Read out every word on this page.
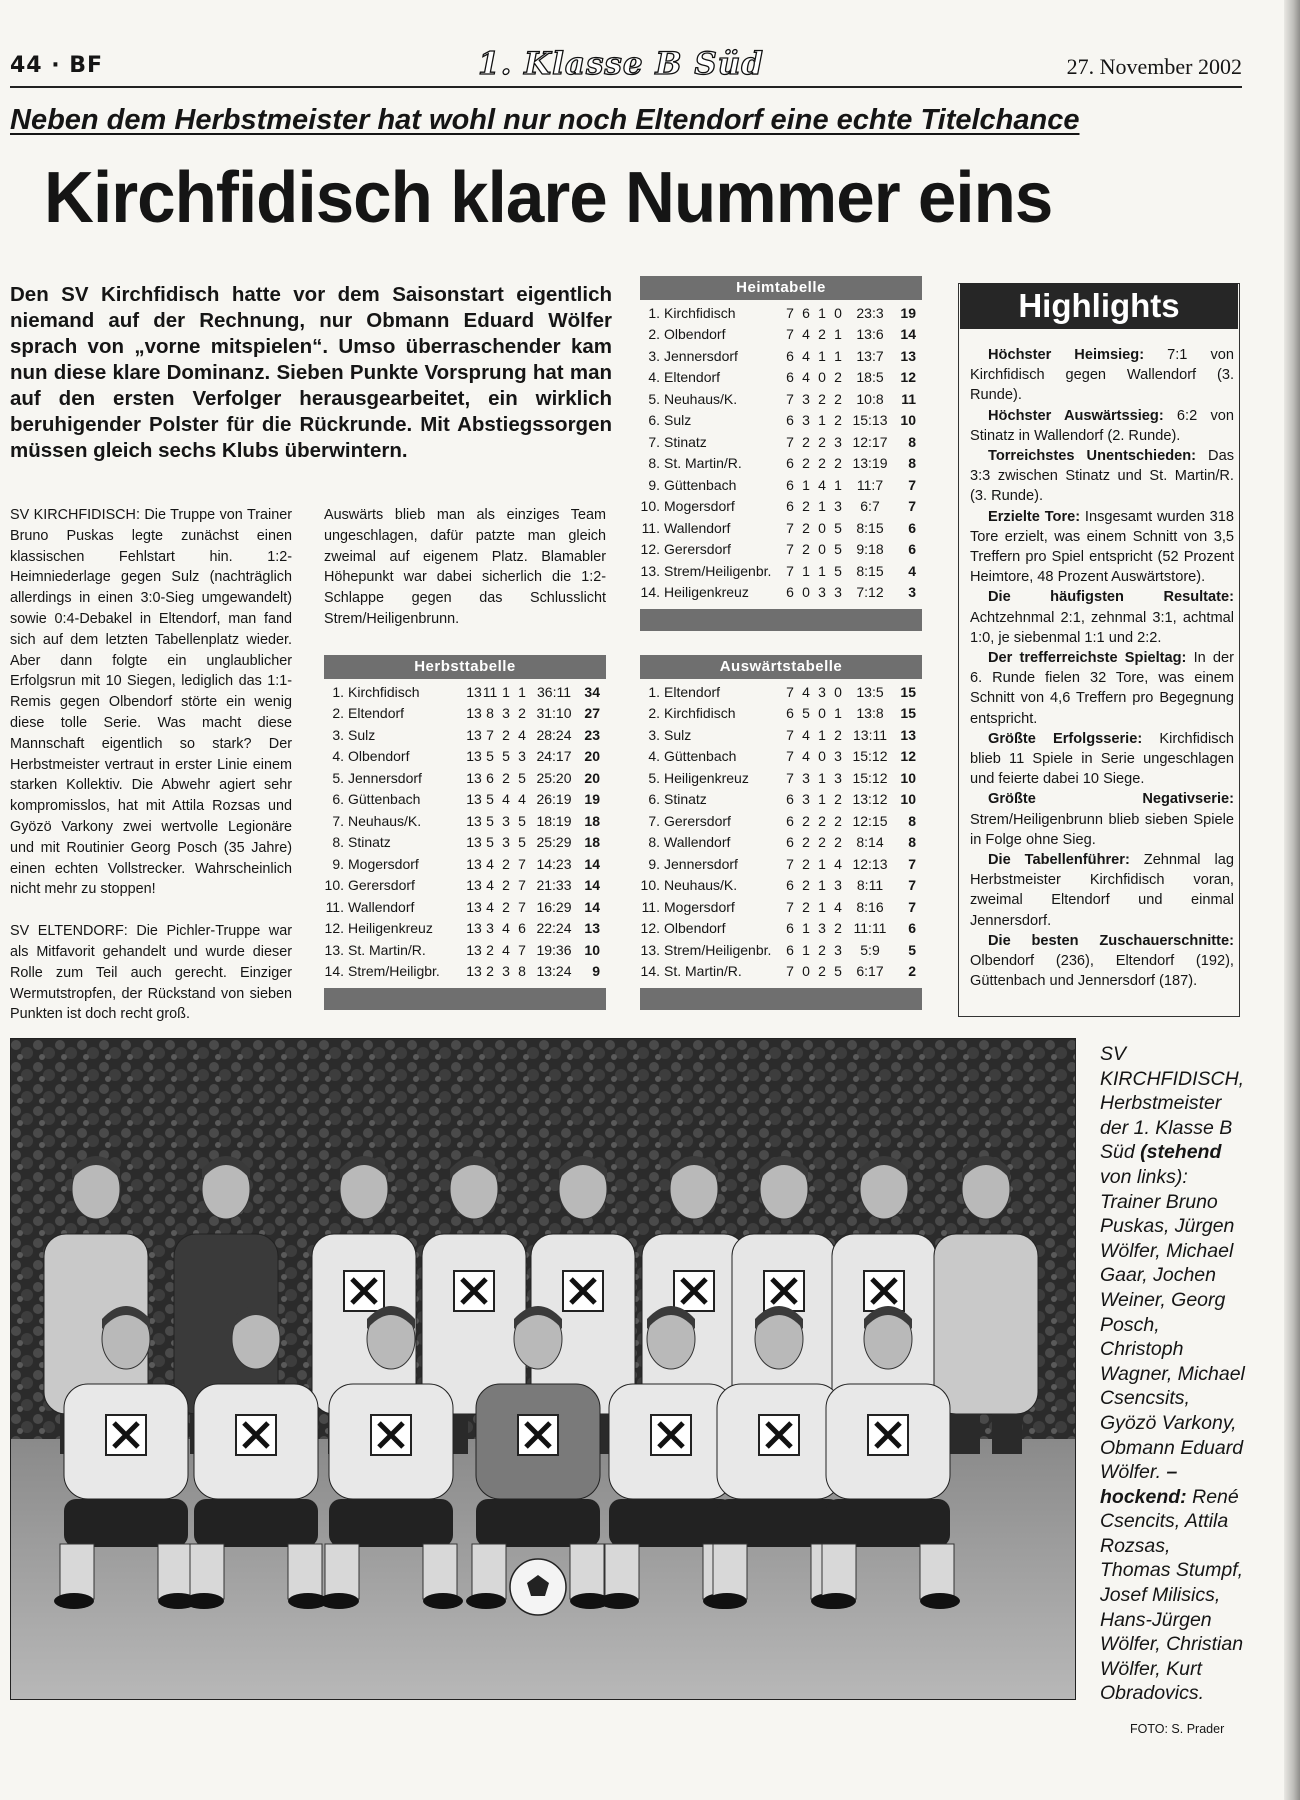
44 · BF	1. Klasse B Süd	27. November 2002
Neben dem Herbstmeister hat wohl nur noch Eltendorf eine echte Titelchance
Kirchfidisch klare Nummer eins
Den SV Kirchfidisch hatte vor dem Saisonstart eigentlich niemand auf der Rechnung, nur Obmann Eduard Wölfer sprach von „vorne mitspielen“. Umso überraschender kam nun diese klare Dominanz. Sieben Punkte Vorsprung hat man auf den ersten Verfolger herausgearbeitet, ein wirklich beruhigender Polster für die Rückrunde. Mit Abstiegssorgen müssen gleich sechs Klubs überwintern.

SV KIRCHFIDISCH: Die Truppe von Trainer Bruno Puskas legte zunächst einen klassischen Fehlstart hin. 1:2-Heimniederlage gegen Sulz (nachträglich allerdings in einen 3:0-Sieg umgewandelt) sowie 0:4-Debakel in Eltendorf, man fand sich auf dem letzten Tabellenplatz wieder. Aber dann folgte ein unglaublicher Erfolgsrun mit 10 Siegen, lediglich das 1:1-Remis gegen Olbendorf störte ein wenig diese tolle Serie. Was macht diese Mannschaft eigentlich so stark? Der Herbstmeister vertraut in erster Linie einem starken Kollektiv. Die Abwehr agiert sehr kompromisslos, hat mit Attila Rozsas und Gyözö Varkony zwei wertvolle Legionäre und mit Routinier Georg Posch (35 Jahre) einen echten Vollstrecker. Wahrscheinlich nicht mehr zu stoppen!

SV ELTENDORF: Die Pichler-Truppe war als Mitfavorit gehandelt und wurde dieser Rolle zum Teil auch gerecht. Einziger Wermutstropfen, der Rückstand von sieben Punkten ist doch recht groß.

Auswärts blieb man als einziges Team ungeschlagen, dafür patzte man gleich zweimal auf eigenem Platz. Blamabler Höhepunkt war dabei sicherlich die 1:2-Schlappe gegen das Schlusslicht Strem/Heiligenbrunn.

Heimtabelle
1.	Kirchfidisch	7	6	1	0	23:3	19
2.	Olbendorf	7	4	2	1	13:6	14
3.	Jennersdorf	6	4	1	1	13:7	13
4.	Eltendorf	6	4	0	2	18:5	12
5.	Neuhaus/K.	7	3	2	2	10:8	11
6.	Sulz	6	3	1	2	15:13	10
7.	Stinatz	7	2	2	3	12:17	8
8.	St. Martin/R.	6	2	2	2	13:19	8
9.	Güttenbach	6	1	4	1	11:7	7
10.	Mogersdorf	6	2	1	3	6:7	7
11.	Wallendorf	7	2	0	5	8:15	6
12.	Gerersdorf	7	2	0	5	9:18	6
13.	Strem/Heiligenbr.	7	1	1	5	8:15	4
14.	Heiligenkreuz	6	0	3	3	7:12	3
Herbsttabelle
1.	Kirchfidisch	13	11	1	1	36:11	34
2.	Eltendorf	13	8	3	2	31:10	27
3.	Sulz	13	7	2	4	28:24	23
4.	Olbendorf	13	5	5	3	24:17	20
5.	Jennersdorf	13	6	2	5	25:20	20
6.	Güttenbach	13	5	4	4	26:19	19
7.	Neuhaus/K.	13	5	3	5	18:19	18
8.	Stinatz	13	5	3	5	25:29	18
9.	Mogersdorf	13	4	2	7	14:23	14
10.	Gerersdorf	13	4	2	7	21:33	14
11.	Wallendorf	13	4	2	7	16:29	14
12.	Heiligenkreuz	13	3	4	6	22:24	13
13.	St. Martin/R.	13	2	4	7	19:36	10
14.	Strem/Heiligbr.	13	2	3	8	13:24	9
Auswärtstabelle
1.	Eltendorf	7	4	3	0	13:5	15
2.	Kirchfidisch	6	5	0	1	13:8	15
3.	Sulz	7	4	1	2	13:11	13
4.	Güttenbach	7	4	0	3	15:12	12
5.	Heiligenkreuz	7	3	1	3	15:12	10
6.	Stinatz	6	3	1	2	13:12	10
7.	Gerersdorf	6	2	2	2	12:15	8
8.	Wallendorf	6	2	2	2	8:14	8
9.	Jennersdorf	7	2	1	4	12:13	7
10.	Neuhaus/K.	6	2	1	3	8:11	7
11.	Mogersdorf	7	2	1	4	8:16	7
12.	Olbendorf	6	1	3	2	11:11	6
13.	Strem/Heiligenbr.	6	1	2	3	5:9	5
14.	St. Martin/R.	7	0	2	5	6:17	2
Highlights
Höchster Heimsieg: 7:1 von Kirchfidisch gegen Wallendorf (3. Runde).
Höchster Auswärtssieg: 6:2 von Stinatz in Wallendorf (2. Runde).
Torreichstes Unentschieden: Das 3:3 zwischen Stinatz und St. Martin/R. (3. Runde).
Erzielte Tore: Insgesamt wurden 318 Tore erzielt, was einem Schnitt von 3,5 Treffern pro Spiel entspricht (52 Prozent Heimtore, 48 Prozent Auswärtstore).
Die häufigsten Resultate: Achtzehnmal 2:1, zehnmal 3:1, achtmal 1:0, je siebenmal 1:1 und 2:2.
Der trefferreichste Spieltag: In der 6. Runde fielen 32 Tore, was einem Schnitt von 4,6 Treffern pro Begegnung entspricht.
Größte Erfolgsserie: Kirchfidisch blieb 11 Spiele in Serie ungeschlagen und feierte dabei 10 Siege.
Größte Negativserie: Strem/Heiligenbrunn blieb sieben Spiele in Folge ohne Sieg.
Die Tabellenführer: Zehnmal lag Herbstmeister Kirchfidisch voran, zweimal Eltendorf und einmal Jennersdorf.
Die besten Zuschauerschnitte: Olbendorf (236), Eltendorf (192), Güttenbach und Jennersdorf (187).
SV KIRCHFIDISCH, Herbstmeister der 1. Klasse B Süd (stehend von links): Trainer Bruno Puskas, Jürgen Wölfer, Michael Gaar, Jochen Weiner, Georg Posch, Christoph Wagner, Michael Csencsits, Gyözö Varkony, Obmann Eduard Wölfer. – hockend: René Csencits, Attila Rozsas, Thomas Stumpf, Josef Milisics, Hans-Jürgen Wölfer, Christian Wölfer, Kurt Obradovics.
FOTO: S. Prader
